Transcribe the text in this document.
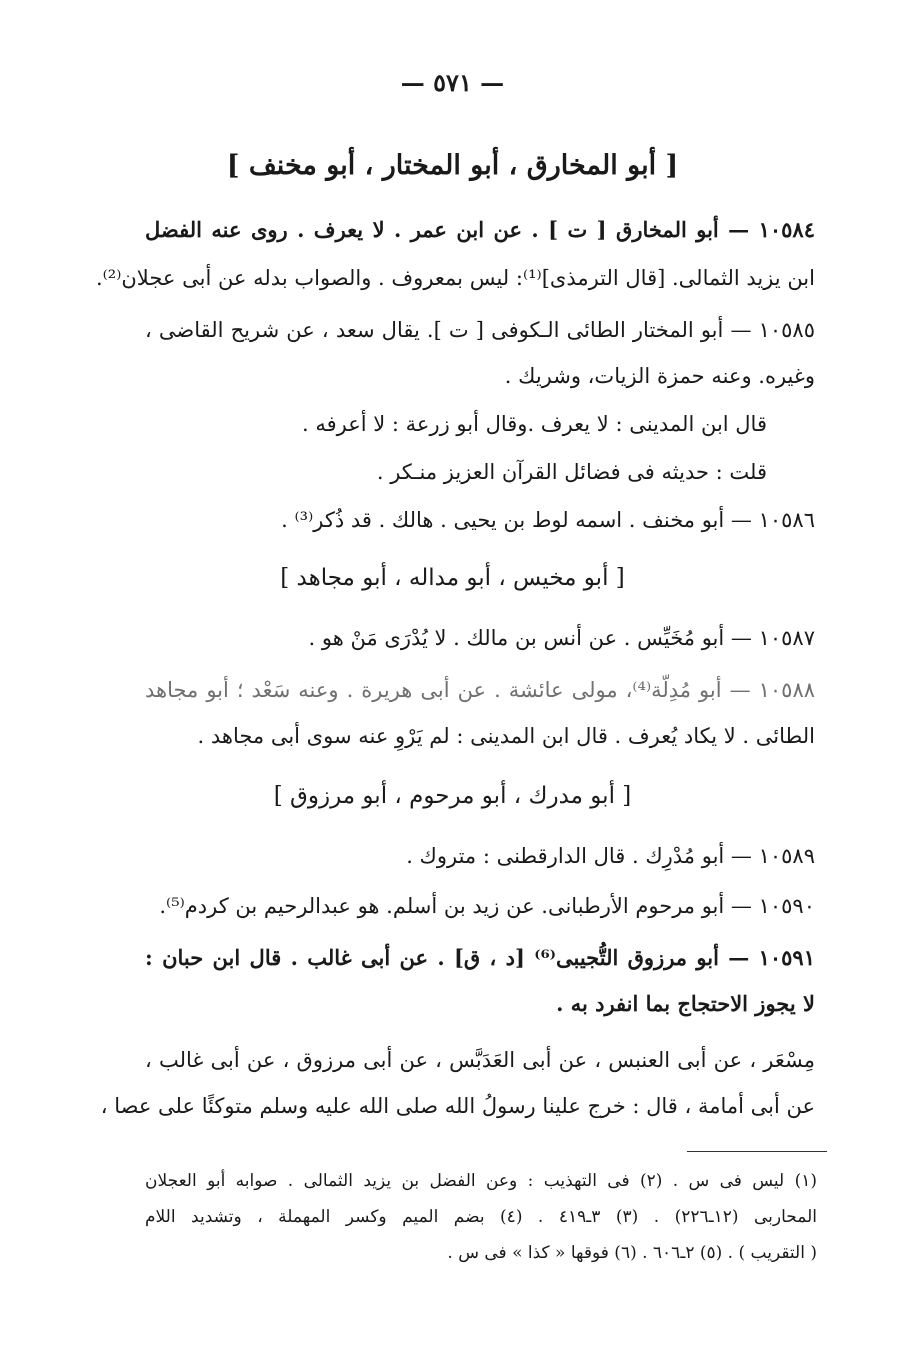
— ٥٧١ —
[ أبو المخارق ، أبو المختار ، أبو مخنف ]
١٠٥٨٤ — أبو المخارق [ ت ] . عن ابن عمر . لا يعرف . روى عنه الفضل
ابن يزيد الثمالى. [قال الترمذى]⁽¹⁾: ليس بمعروف . والصواب بدله عن أبى عجلان⁽²⁾.
١٠٥٨٥ — أبو المختار الطائى الـكوفى [ ت ]. يقال سعد ، عن شريح القاضى ،
وغيره. وعنه حمزة الزيات، وشريك .
قال ابن المدينى : لا يعرف .وقال أبو زرعة : لا أعرفه .
قلت : حديثه فى فضائل القرآن العزيز منـكر .
١٠٥٨٦ — أبو مخنف . اسمه لوط بن يحيى . هالك . قد ذُكر⁽³⁾ .
[ أبو مخيس ، أبو مداله ، أبو مجاهد ]
١٠٥٨٧ — أبو مُخَيِّس . عن أنس بن مالك . لا يُدْرَى مَنْ هو .
١٠٥٨٨ — أبو مُدِلّة⁽⁴⁾، مولى عائشة . عن أبى هريرة . وعنه سَعْد ؛ أبو مجاهد
الطائى . لا يكاد يُعرف . قال ابن المدينى : لم يَرْوِ عنه سوى أبى مجاهد .
[ أبو مدرك ، أبو مرحوم ، أبو مرزوق ]
١٠٥٨٩ — أبو مُدْرِك . قال الدارقطنى : متروك .
١٠٥٩٠ — أبو مرحوم الأرطبانى. عن زيد بن أسلم. هو عبدالرحيم بن كردم⁽⁵⁾.
١٠٥٩١ — أبو مرزوق التُّجيبى⁽⁶⁾ [د ، ق] . عن أبى غالب . قال ابن حبان :
لا يجوز الاحتجاج بما انفرد به .
مِسْعَر ، عن أبى العنبس ، عن أبى العَدَبَّس ، عن أبى مرزوق ، عن أبى غالب ،
عن أبى أمامة ، قال : خرج علينا رسولُ الله صلى الله عليه وسلم متوكئًا على عصا ،
(١) ليس فى س . (٢) فى التهذيب : وعن الفضل بن يزيد الثمالى . صوابه أبو العجلان
المحاربى (١٢ـ٢٢٦) . (٣) ٣ـ٤١٩ . (٤) بضم الميم وكسر المهملة ، وتشديد اللام
( التقريب ) . (٥) ٢ـ٦٠٦ . (٦) فوقها « كذا » فى س .
